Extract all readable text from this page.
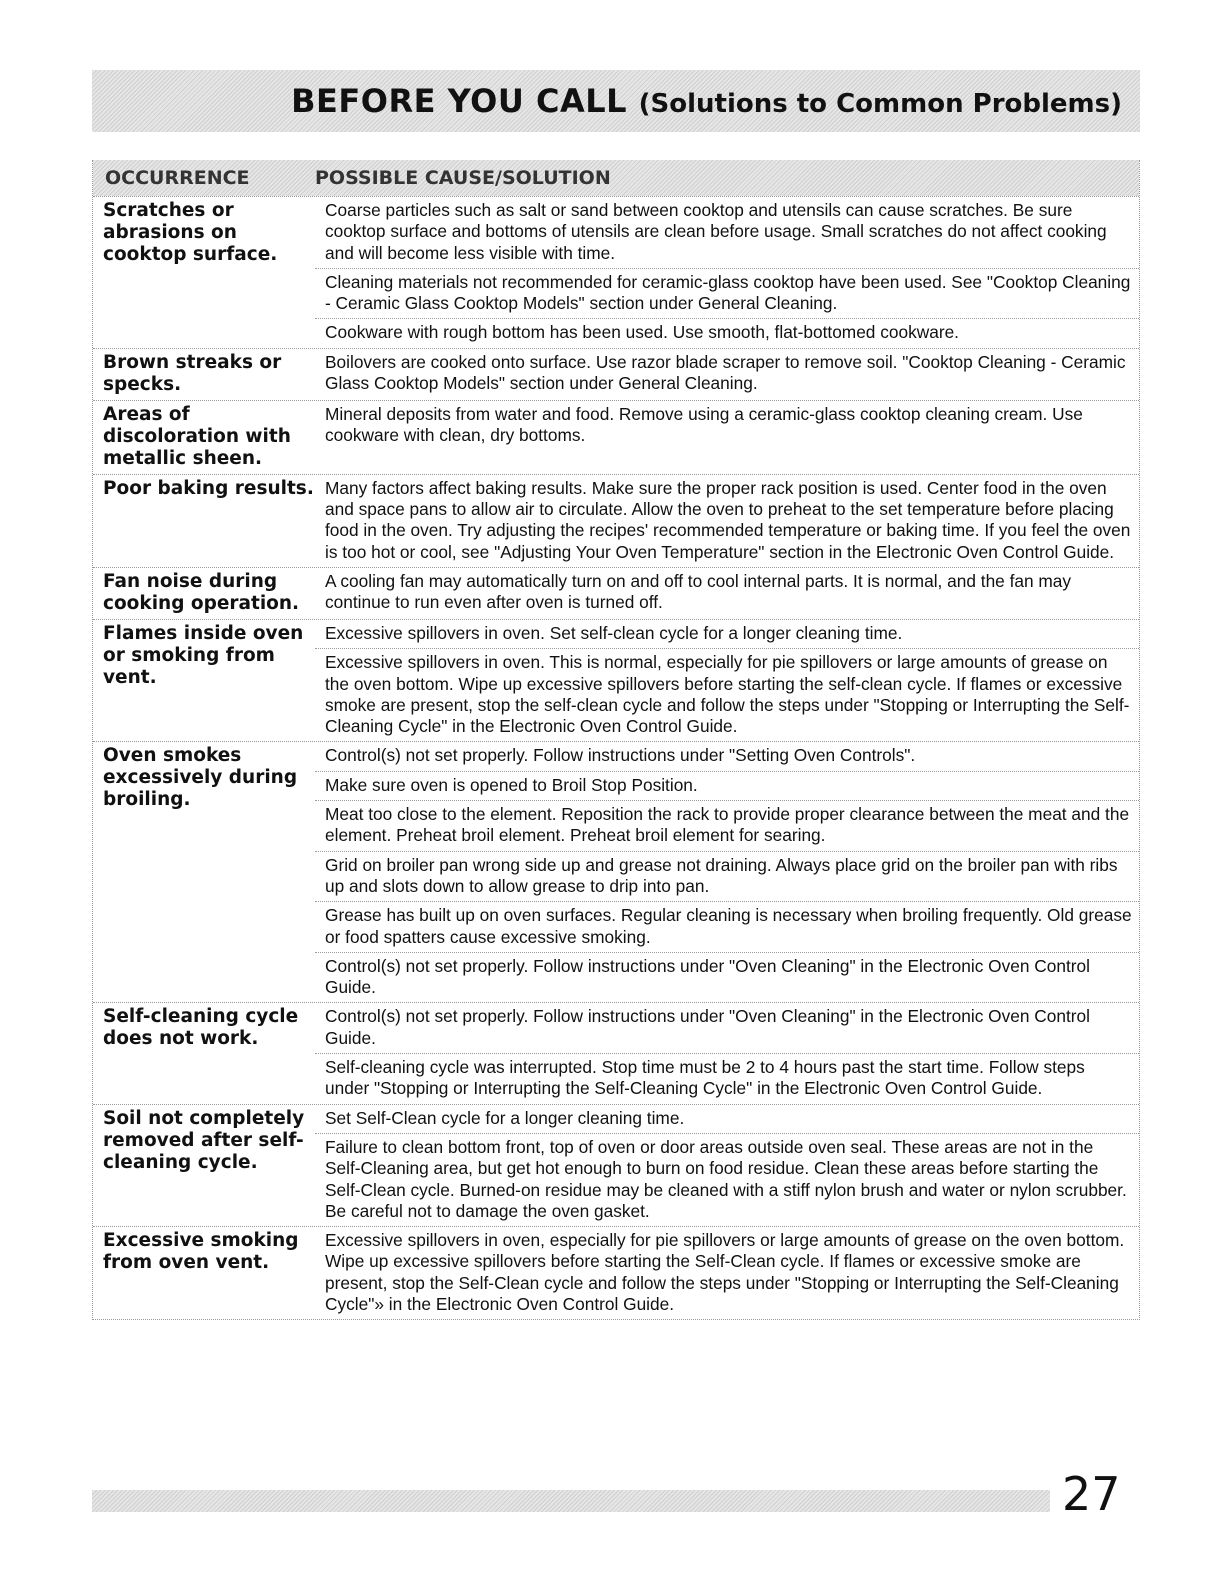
BEFORE YOU CALL (Solutions to Common Problems)
OCCURRENCE	POSSIBLE CAUSE/SOLUTION
Scratches or abrasions on cooktop surface.
Coarse particles such as salt or sand between cooktop and utensils can cause scratches. Be sure cooktop surface and bottoms of utensils are clean before usage. Small scratches do not affect cooking and will become less visible with time.
Cleaning materials not recommended for ceramic-glass cooktop have been used. See "Cooktop Cleaning - Ceramic Glass Cooktop Models" section under General Cleaning.
Cookware with rough bottom has been used. Use smooth, flat-bottomed cookware.
Brown streaks or specks.
Boilovers are cooked onto surface. Use razor blade scraper to remove soil. "Cooktop Cleaning - Ceramic Glass Cooktop Models" section under General Cleaning.
Areas of discoloration with metallic sheen.
Mineral deposits from water and food. Remove using a ceramic-glass cooktop cleaning cream. Use cookware with clean, dry bottoms.
Poor baking results. Many factors affect baking results. Make sure the proper rack position is used. Center food in the oven and space pans to allow air to circulate. Allow the oven to preheat to the set temperature before placing food in the oven. Try adjusting the recipes' recommended temperature or baking time. If you feel the oven is too hot or cool, see "Adjusting Your Oven Temperature" section in the Electronic Oven Control Guide.
Fan noise during cooking operation.
A cooling fan may automatically turn on and off to cool internal parts. It is normal, and the fan may continue to run even after oven is turned off.
Flames inside oven or smoking from vent.
Excessive spillovers in oven. Set self-clean cycle for a longer cleaning time.
Excessive spillovers in oven. This is normal, especially for pie spillovers or large amounts of grease on the oven bottom. Wipe up excessive spillovers before starting the self-clean cycle. If flames or excessive smoke are present, stop the self-clean cycle and follow the steps under "Stopping or Interrupting the Self-Cleaning Cycle" in the Electronic Oven Control Guide.
Oven smokes excessively during broiling.
Control(s) not set properly. Follow instructions under "Setting Oven Controls".
Make sure oven is opened to Broil Stop Position.
Meat too close to the element. Reposition the rack to provide proper clearance between the meat and the element. Preheat broil element. Preheat broil element for searing.
Grid on broiler pan wrong side up and grease not draining. Always place grid on the broiler pan with ribs up and slots down to allow grease to drip into pan.
Grease has built up on oven surfaces. Regular cleaning is necessary when broiling frequently. Old grease or food spatters cause excessive smoking.
Control(s) not set properly. Follow instructions under "Oven Cleaning" in the Electronic Oven Control Guide.
Self-cleaning cycle does not work.
Control(s) not set properly. Follow instructions under "Oven Cleaning" in the Electronic Oven Control Guide.
Self-cleaning cycle was interrupted. Stop time must be 2 to 4 hours past the start time. Follow steps under "Stopping or Interrupting the Self-Cleaning Cycle" in the Electronic Oven Control Guide.
Soil not completely removed after self-cleaning cycle.
Set Self-Clean cycle for a longer cleaning time.
Failure to clean bottom front, top of oven or door areas outside oven seal. These areas are not in the Self-Cleaning area, but get hot enough to burn on food residue. Clean these areas before starting the Self-Clean cycle. Burned-on residue may be cleaned with a stiff nylon brush and water or nylon scrubber. Be careful not to damage the oven gasket.
Excessive smoking from oven vent.
Excessive spillovers in oven, especially for pie spillovers or large amounts of grease on the oven bottom. Wipe up excessive spillovers before starting the Self-Clean cycle. If flames or excessive smoke are present, stop the Self-Clean cycle and follow the steps under "Stopping or Interrupting the Self-Cleaning Cycle"» in the Electronic Oven Control Guide.
27
